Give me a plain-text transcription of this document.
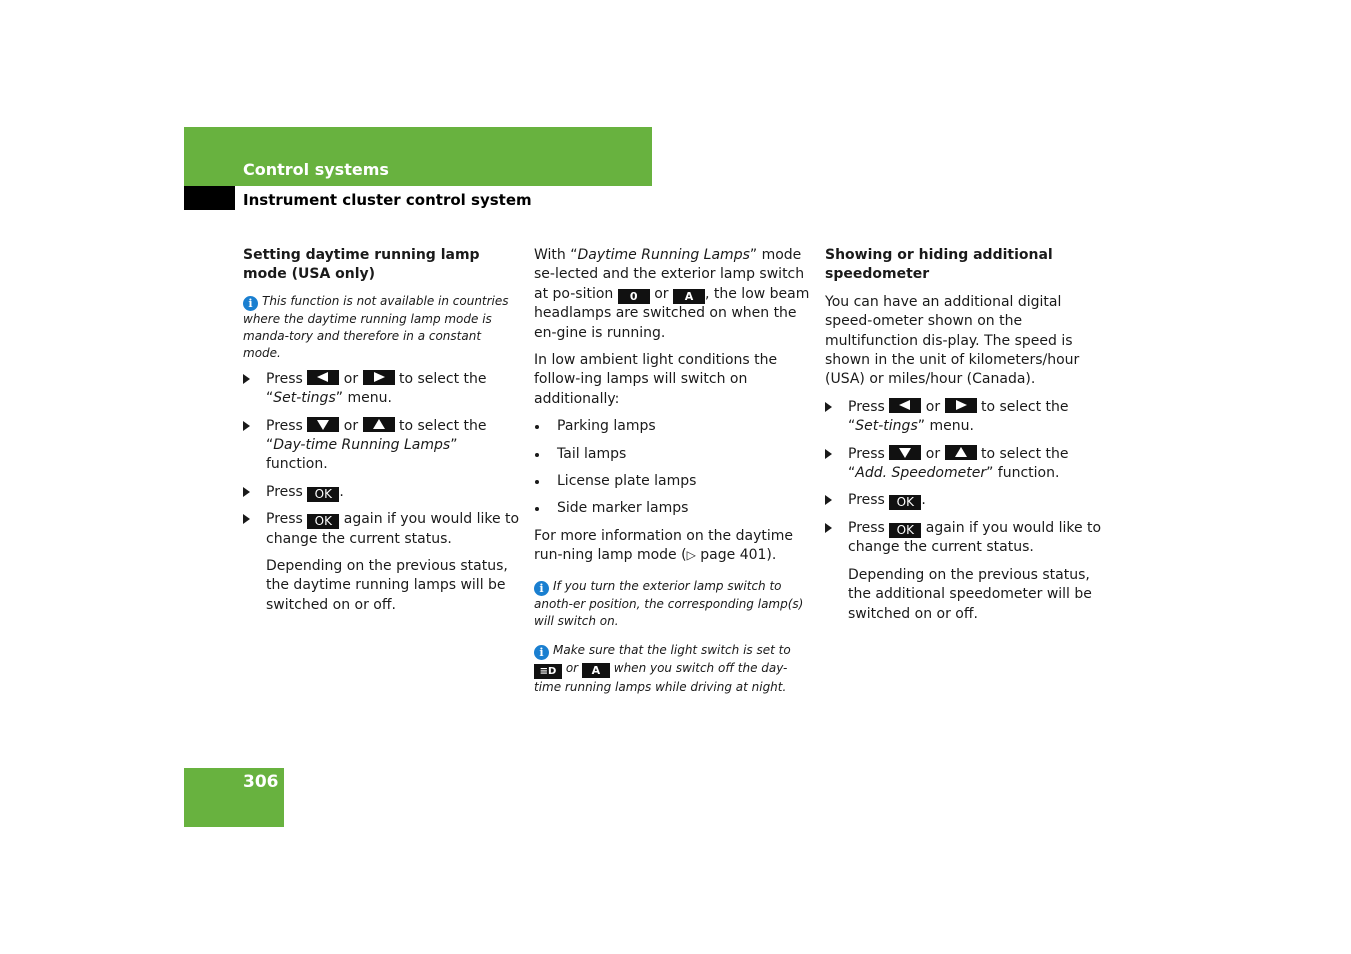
Control systems
Instrument cluster control system
Setting daytime running lamp mode (USA only)

i This function is not available in countries where the daytime running lamp mode is manda-tory and therefore in a constant mode.

Press	or	to select the “Set-tings” menu.
Press	or	to select the “Day-time Running Lamps” function.
Press OK .
Press OK again if you would like to change the current status.

Depending on the previous status, the daytime running lamps will be switched on or off.

With “Daytime Running Lamps” mode se-lected and the exterior lamp switch at po-sition 0 or A , the low beam headlamps are switched on when the en-gine is running.

In low ambient light conditions the follow-ing lamps will switch on additionally:

Parking lamps
Tail lamps
License plate lamps
Side marker lamps

For more information on the daytime run-ning lamp mode (▷ page 401).

i If you turn the exterior lamp switch to anoth-er position, the corresponding lamp(s) will switch on.

i Make sure that the light switch is set to ≡D or A when you switch off the day-time running lamps while driving at night.

Showing or hiding additional speedometer

You can have an additional digital speed-ometer shown on the multifunction dis-play. The speed is shown in the unit of kilometers/hour (USA) or miles/hour (Canada).

Press	or	to select the “Set-tings” menu.
Press	or	to select the “Add. Speedometer” function.
Press OK .
Press OK again if you would like to change the current status.

Depending on the previous status, the additional speedometer will be switched on or off.

306
